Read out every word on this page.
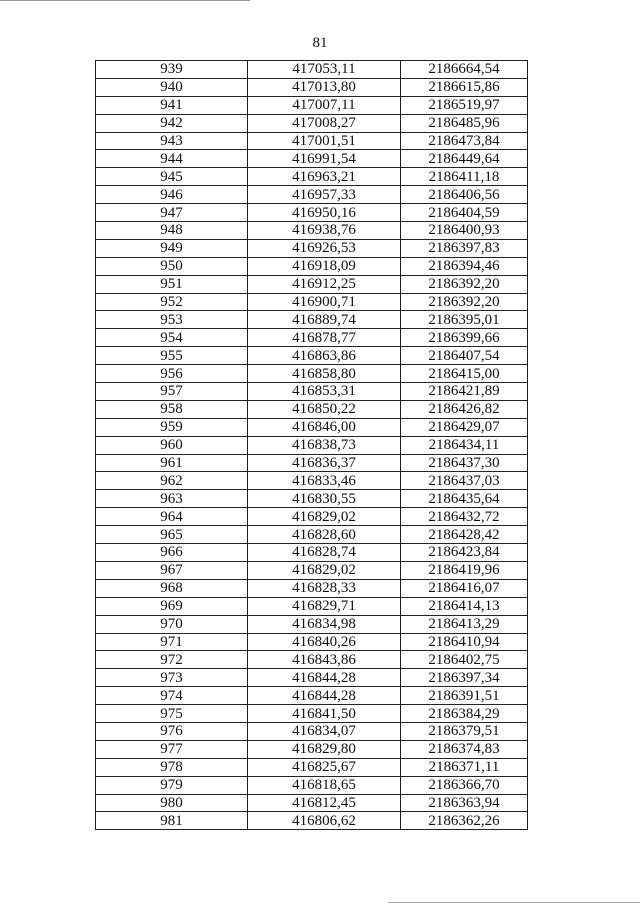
81
939	417053,11	2186664,54
940	417013,80	2186615,86
941	417007,11	2186519,97
942	417008,27	2186485,96
943	417001,51	2186473,84
944	416991,54	2186449,64
945	416963,21	2186411,18
946	416957,33	2186406,56
947	416950,16	2186404,59
948	416938,76	2186400,93
949	416926,53	2186397,83
950	416918,09	2186394,46
951	416912,25	2186392,20
952	416900,71	2186392,20
953	416889,74	2186395,01
954	416878,77	2186399,66
955	416863,86	2186407,54
956	416858,80	2186415,00
957	416853,31	2186421,89
958	416850,22	2186426,82
959	416846,00	2186429,07
960	416838,73	2186434,11
961	416836,37	2186437,30
962	416833,46	2186437,03
963	416830,55	2186435,64
964	416829,02	2186432,72
965	416828,60	2186428,42
966	416828,74	2186423,84
967	416829,02	2186419,96
968	416828,33	2186416,07
969	416829,71	2186414,13
970	416834,98	2186413,29
971	416840,26	2186410,94
972	416843,86	2186402,75
973	416844,28	2186397,34
974	416844,28	2186391,51
975	416841,50	2186384,29
976	416834,07	2186379,51
977	416829,80	2186374,83
978	416825,67	2186371,11
979	416818,65	2186366,70
980	416812,45	2186363,94
981	416806,62	2186362,26
